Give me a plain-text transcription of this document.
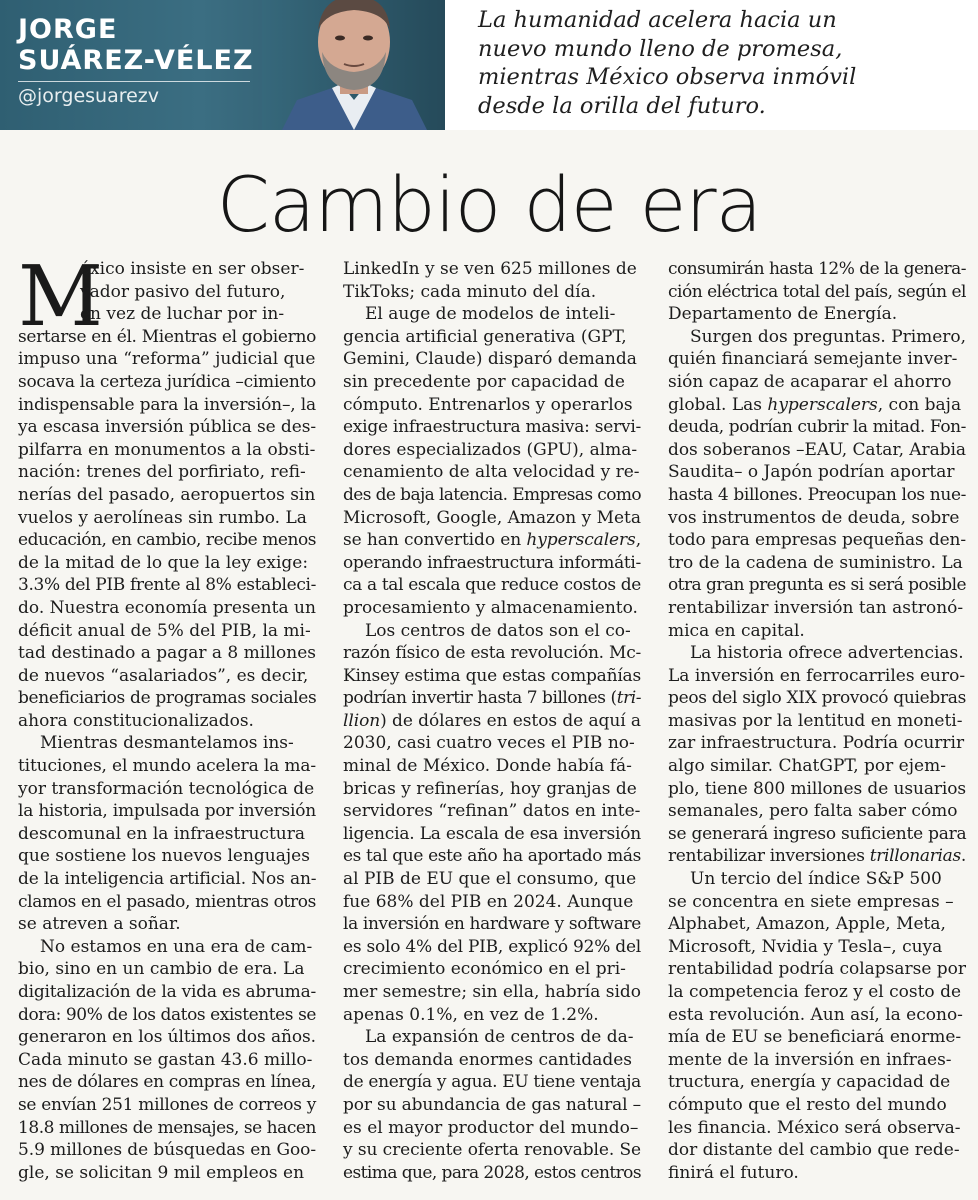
JORGE
SUÁREZ-VÉLEZ
@jorgesuarezv
La humanidad acelera hacia un
nuevo mundo lleno de promesa,
mientras México observa inmóvil
desde la orilla del futuro.
Cambio de era
M
éxico insiste en ser obser-
vador pasivo del futuro,
en vez de luchar por in-
sertarse en él. Mientras el gobierno
impuso una “reforma” judicial que
socava la certeza jurídica –cimiento
indispensable para la inversión–, la
ya escasa inversión pública se des-
pilfarra en monumentos a la obsti-
nación: trenes del porfiriato, refi-
nerías del pasado, aeropuertos sin
vuelos y aerolíneas sin rumbo. La
educación, en cambio, recibe menos
de la mitad de lo que la ley exige:
3.3% del PIB frente al 8% estableci-
do. Nuestra economía presenta un
déficit anual de 5% del PIB, la mi-
tad destinado a pagar a 8 millones
de nuevos “asalariados”, es decir,
beneficiarios de programas sociales
ahora constitucionalizados.
Mientras desmantelamos ins-
tituciones, el mundo acelera la ma-
yor transformación tecnológica de
la historia, impulsada por inversión
descomunal en la infraestructura
que sostiene los nuevos lenguajes
de la inteligencia artificial. Nos an-
clamos en el pasado, mientras otros
se atreven a soñar.
No estamos en una era de cam-
bio, sino en un cambio de era. La
digitalización de la vida es abruma-
dora: 90% de los datos existentes se
generaron en los últimos dos años.
Cada minuto se gastan 43.6 millo-
nes de dólares en compras en línea,
se envían 251 millones de correos y
18.8 millones de mensajes, se hacen
5.9 millones de búsquedas en Goo-
gle, se solicitan 9 mil empleos en
LinkedIn y se ven 625 millones de
TikToks; cada minuto del día.
El auge de modelos de inteli-
gencia artificial generativa (GPT,
Gemini, Claude) disparó demanda
sin precedente por capacidad de
cómputo. Entrenarlos y operarlos
exige infraestructura masiva: servi-
dores especializados (GPU), alma-
cenamiento de alta velocidad y re-
des de baja latencia. Empresas como
Microsoft, Google, Amazon y Meta
se han convertido en hyperscalers,
operando infraestructura informáti-
ca a tal escala que reduce costos de
procesamiento y almacenamiento.
Los centros de datos son el co-
razón físico de esta revolución. Mc-
Kinsey estima que estas compañías
podrían invertir hasta 7 billones (tri-
llion) de dólares en estos de aquí a
2030, casi cuatro veces el PIB no-
minal de México. Donde había fá-
bricas y refinerías, hoy granjas de
servidores “refinan” datos en inte-
ligencia. La escala de esa inversión
es tal que este año ha aportado más
al PIB de EU que el consumo, que
fue 68% del PIB en 2024. Aunque
la inversión en hardware y software
es solo 4% del PIB, explicó 92% del
crecimiento económico en el pri-
mer semestre; sin ella, habría sido
apenas 0.1%, en vez de 1.2%.
La expansión de centros de da-
tos demanda enormes cantidades
de energía y agua. EU tiene ventaja
por su abundancia de gas natural –
es el mayor productor del mundo–
y su creciente oferta renovable. Se
estima que, para 2028, estos centros
consumirán hasta 12% de la genera-
ción eléctrica total del país, según el
Departamento de Energía.
Surgen dos preguntas. Primero,
quién financiará semejante inver-
sión capaz de acaparar el ahorro
global. Las hyperscalers, con baja
deuda, podrían cubrir la mitad. Fon-
dos soberanos –EAU, Catar, Arabia
Saudita– o Japón podrían aportar
hasta 4 billones. Preocupan los nue-
vos instrumentos de deuda, sobre
todo para empresas pequeñas den-
tro de la cadena de suministro. La
otra gran pregunta es si será posible
rentabilizar inversión tan astronó-
mica en capital.
La historia ofrece advertencias.
La inversión en ferrocarriles euro-
peos del siglo XIX provocó quiebras
masivas por la lentitud en moneti-
zar infraestructura. Podría ocurrir
algo similar. ChatGPT, por ejem-
plo, tiene 800 millones de usuarios
semanales, pero falta saber cómo
se generará ingreso suficiente para
rentabilizar inversiones trillonarias.
Un tercio del índice S&P 500
se concentra en siete empresas –
Alphabet, Amazon, Apple, Meta,
Microsoft, Nvidia y Tesla–, cuya
rentabilidad podría colapsarse por
la competencia feroz y el costo de
esta revolución. Aun así, la econo-
mía de EU se beneficiará enorme-
mente de la inversión en infraes-
tructura, energía y capacidad de
cómputo que el resto del mundo
les financia. México será observa-
dor distante del cambio que rede-
finirá el futuro.
